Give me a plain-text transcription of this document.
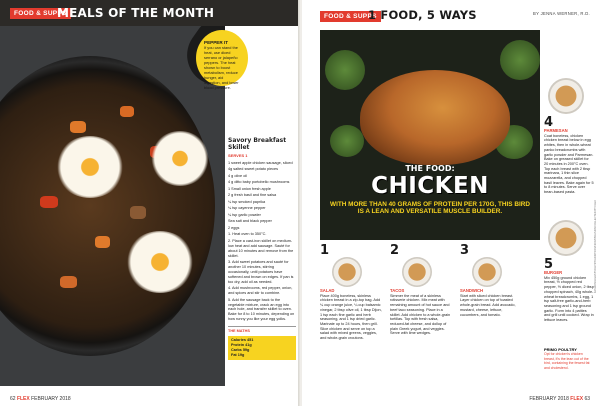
FOOD & SUPPS
MEALS OF THE MONTH
PEPPER IT
If you can stand the heat, use diced serrano or jalapeño peppers. The heat shown to boost metabolism, reduce hunger, aid digestion, and lower blood pressure.
Savory Breakfast Skillet
SERVES 1

1 sweet apple chicken sausage, sliced

4g salted sweet potato pieces

4 g olive oil

4 g ditto baby portobello mushrooms

1 Small onion fresh apple

2 g fresh basil and fine salsa

¼ tsp smoked paprika

¼ tsp cayenne pepper

¼ tsp garlic powder

Sea salt and black pepper

2 eggs

1. Heat oven to 350°C.

2. Place a cast-iron skillet on medium-low heat and add sausage. Sauté for about 10 minutes and remove from the skillet.

3. Add sweet potatoes and sauté for another 10 minutes, stirring occasionally, until potatoes have softened and brown on edges. If pan is too dry, add oil as needed.

4. Add mushrooms, red pepper, onion, and spices and stir to combine.

5. Add the sausage back to the vegetable mixture, crack an egg into each hole, and transfer skillet to oven. Bake for 8 to 10 minutes, depending on how runny you like your egg yolks.

THE MATHS
Calories 451
Protein 41g
Carbs 59g
Fat 19g
62 FLEX FEBRUARY 2018
FOOD & SUPPS
1 FOOD, 5 WAYS	BY JENNA WERNER, R.D.
THE FOOD:
CHICKEN
WITH MORE THAN 40 GRAMS OF PROTEIN PER 170G, THIS BIRD IS A LEAN AND VERSATILE MUSCLE BUILDER.
1
SALAD
Place 400g boneless, skinless chicken breast in a zip-top bag. Add ¼ cup orange juice, ¼ cup balsamic vinegar, 2 tbsp olive oil, 1 tbsp Dijon, 1 tsp each fine garlic and herb seasoning, and 1 tsp dried garlic. Marinate up to 24 hours, then grill. Slice chicken and serve on top a salad with mixed greens, veggies, and whole-grain croutons.
2
TACOS
Simmer the meat of a skinless rotisserie chicken. Mix meat with remaining amount of hot sauce and beef taco seasoning. Place in a skillet. Add chicken to a whole-grain tortillas. Top with fresh salsa, reduced-fat cheese, and dollop of plain Greek yogurt, and veggies. Serve with lime wedges.
3
SANDWICH
Start with sliced chicken breast. Layer chicken on top of toasted whole-grain bread. Add avocado, mustard, cheese, lettuce, cucumbers, and tomato.
4
PARMESAN
Coat boneless, chicken chicken breast below in egg whites, then in whole-wheat panko breadcrumbs with garlic powder and Parmesan. Bake on greased skillet for 20 minutes in 200°C oven. Top each breast with 2 tbsp marinara, 1 thin slice mozzarella, and chopped basil leaves. Bake again for 5 to 8 minutes. Serve over bean-based pasta.
5
BURGER
Mix 450g ground chicken breast, ½ chopped red pepper, ½ diced onion, 2 tbsp chopped spinach, 40g whole-wheat breadcrumbs, 1 egg, 1 tsp salt-free garlic-and-herb seasoning and 1 tsp ground garlic. Form into 4 patties and grill until cooked. Wrap in lettuce leaves.
PRIMO POULTRY
Opt for chicken's chicken breast, it's the lean cut of the bird, containing the fewest fat and cholesterol.
FASHION/LIGHT/POULTRY/ADDITION/FROM BRANDS/COLLECTED BY FLEX
FEBRUARY 2018 FLEX 63
